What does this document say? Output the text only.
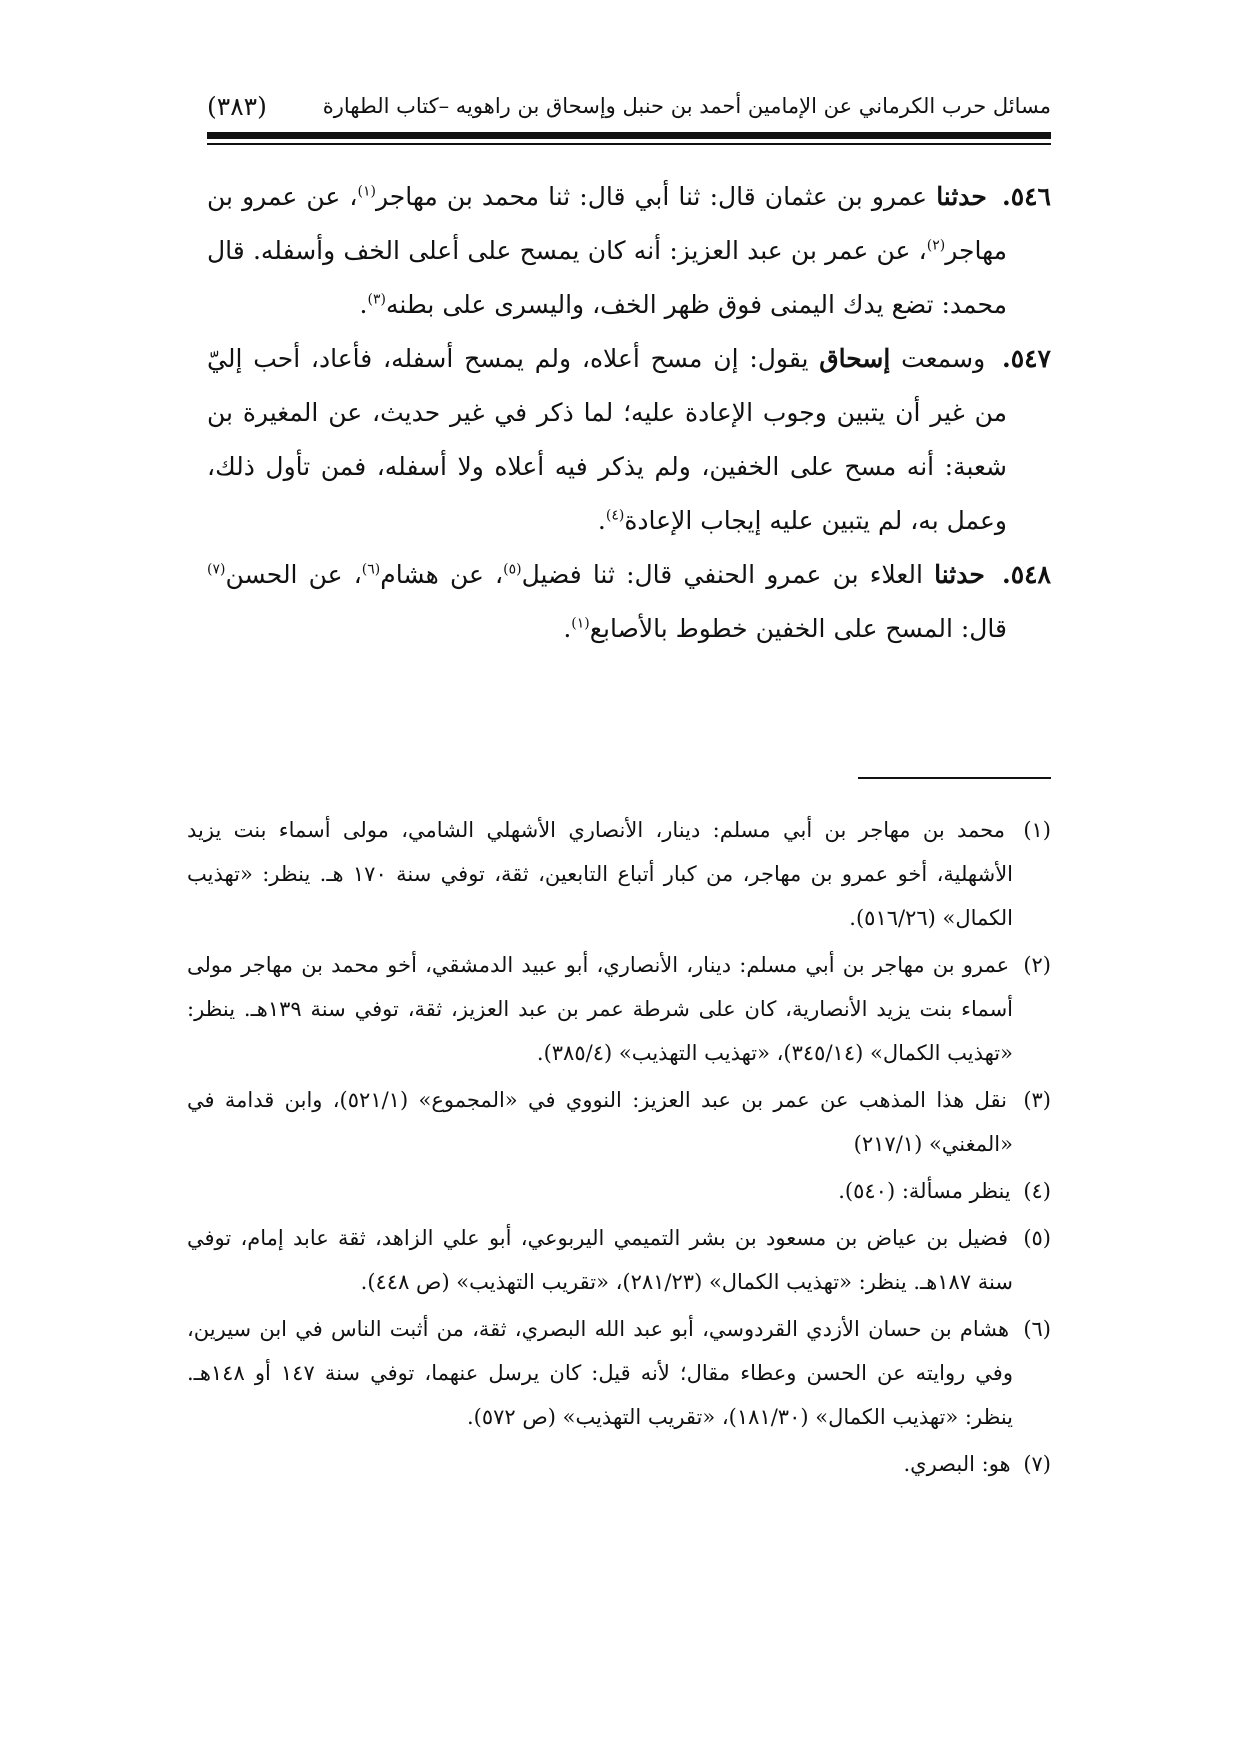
مسائل حرب الكرماني عن الإمامين أحمد بن حنبل وإسحاق بن راهويه –كتاب الطهارة
(٣٨٣)

٥٤٦. حدثنا عمرو بن عثمان قال: ثنا أبي قال: ثنا محمد بن مهاجر$^{(١)}$، عن عمرو بن مهاجر$^{(٢)}$، عن عمر بن عبد العزيز: أنه كان يمسح على أعلى الخف وأسفله. قال محمد: تضع يدك اليمنى فوق ظهر الخف، واليسرى على بطنه$^{(٣)}$.

٥٤٧. وسمعت إسحاق يقول: إن مسح أعلاه، ولم يمسح أسفله، فأعاد، أحب إليّ من غير أن يتبين وجوب الإعادة عليه؛ لما ذكر في غير حديث، عن المغيرة بن شعبة: أنه مسح على الخفين، ولم يذكر فيه أعلاه ولا أسفله، فمن تأول ذلك، وعمل به، لم يتبين عليه إيجاب الإعادة$^{(٤)}$.

٥٤٨. حدثنا العلاء بن عمرو الحنفي قال: ثنا فضيل$^{(٥)}$، عن هشام$^{(٦)}$، عن الحسن$^{(٧)}$ قال: المسح على الخفين خطوط بالأصابع$^{(١)}$.

(١) محمد بن مهاجر بن أبي مسلم: دينار، الأنصاري الأشهلي الشامي، مولى أسماء بنت يزيد الأشهلية، أخو عمرو بن مهاجر، من كبار أتباع التابعين، ثقة، توفي سنة ١٧٠ هـ. ينظر: «تهذيب الكمال» (٥١٦/٢٦).

(٢) عمرو بن مهاجر بن أبي مسلم: دينار، الأنصاري، أبو عبيد الدمشقي، أخو محمد بن مهاجر مولى أسماء بنت يزيد الأنصارية، كان على شرطة عمر بن عبد العزيز، ثقة، توفي سنة ١٣٩هـ. ينظر: «تهذيب الكمال» (٣٤٥/١٤)، «تهذيب التهذيب» (٣٨٥/٤).

(٣) نقل هذا المذهب عن عمر بن عبد العزيز: النووي في «المجموع» (٥٢١/١)، وابن قدامة في «المغني» (٢١٧/١)

(٤) ينظر مسألة: (٥٤٠).

(٥) فضيل بن عياض بن مسعود بن بشر التميمي اليربوعي، أبو علي الزاهد، ثقة عابد إمام، توفي سنة ١٨٧هـ. ينظر: «تهذيب الكمال» (٢٨١/٢٣)، «تقريب التهذيب» (ص ٤٤٨).

(٦) هشام بن حسان الأزدي القردوسي، أبو عبد الله البصري، ثقة، من أثبت الناس في ابن سيرين، وفي روايته عن الحسن وعطاء مقال؛ لأنه قيل: كان يرسل عنهما، توفي سنة ١٤٧ أو ١٤٨هـ. ينظر: «تهذيب الكمال» (١٨١/٣٠)، «تقريب التهذيب» (ص ٥٧٢).

(٧) هو: البصري.
